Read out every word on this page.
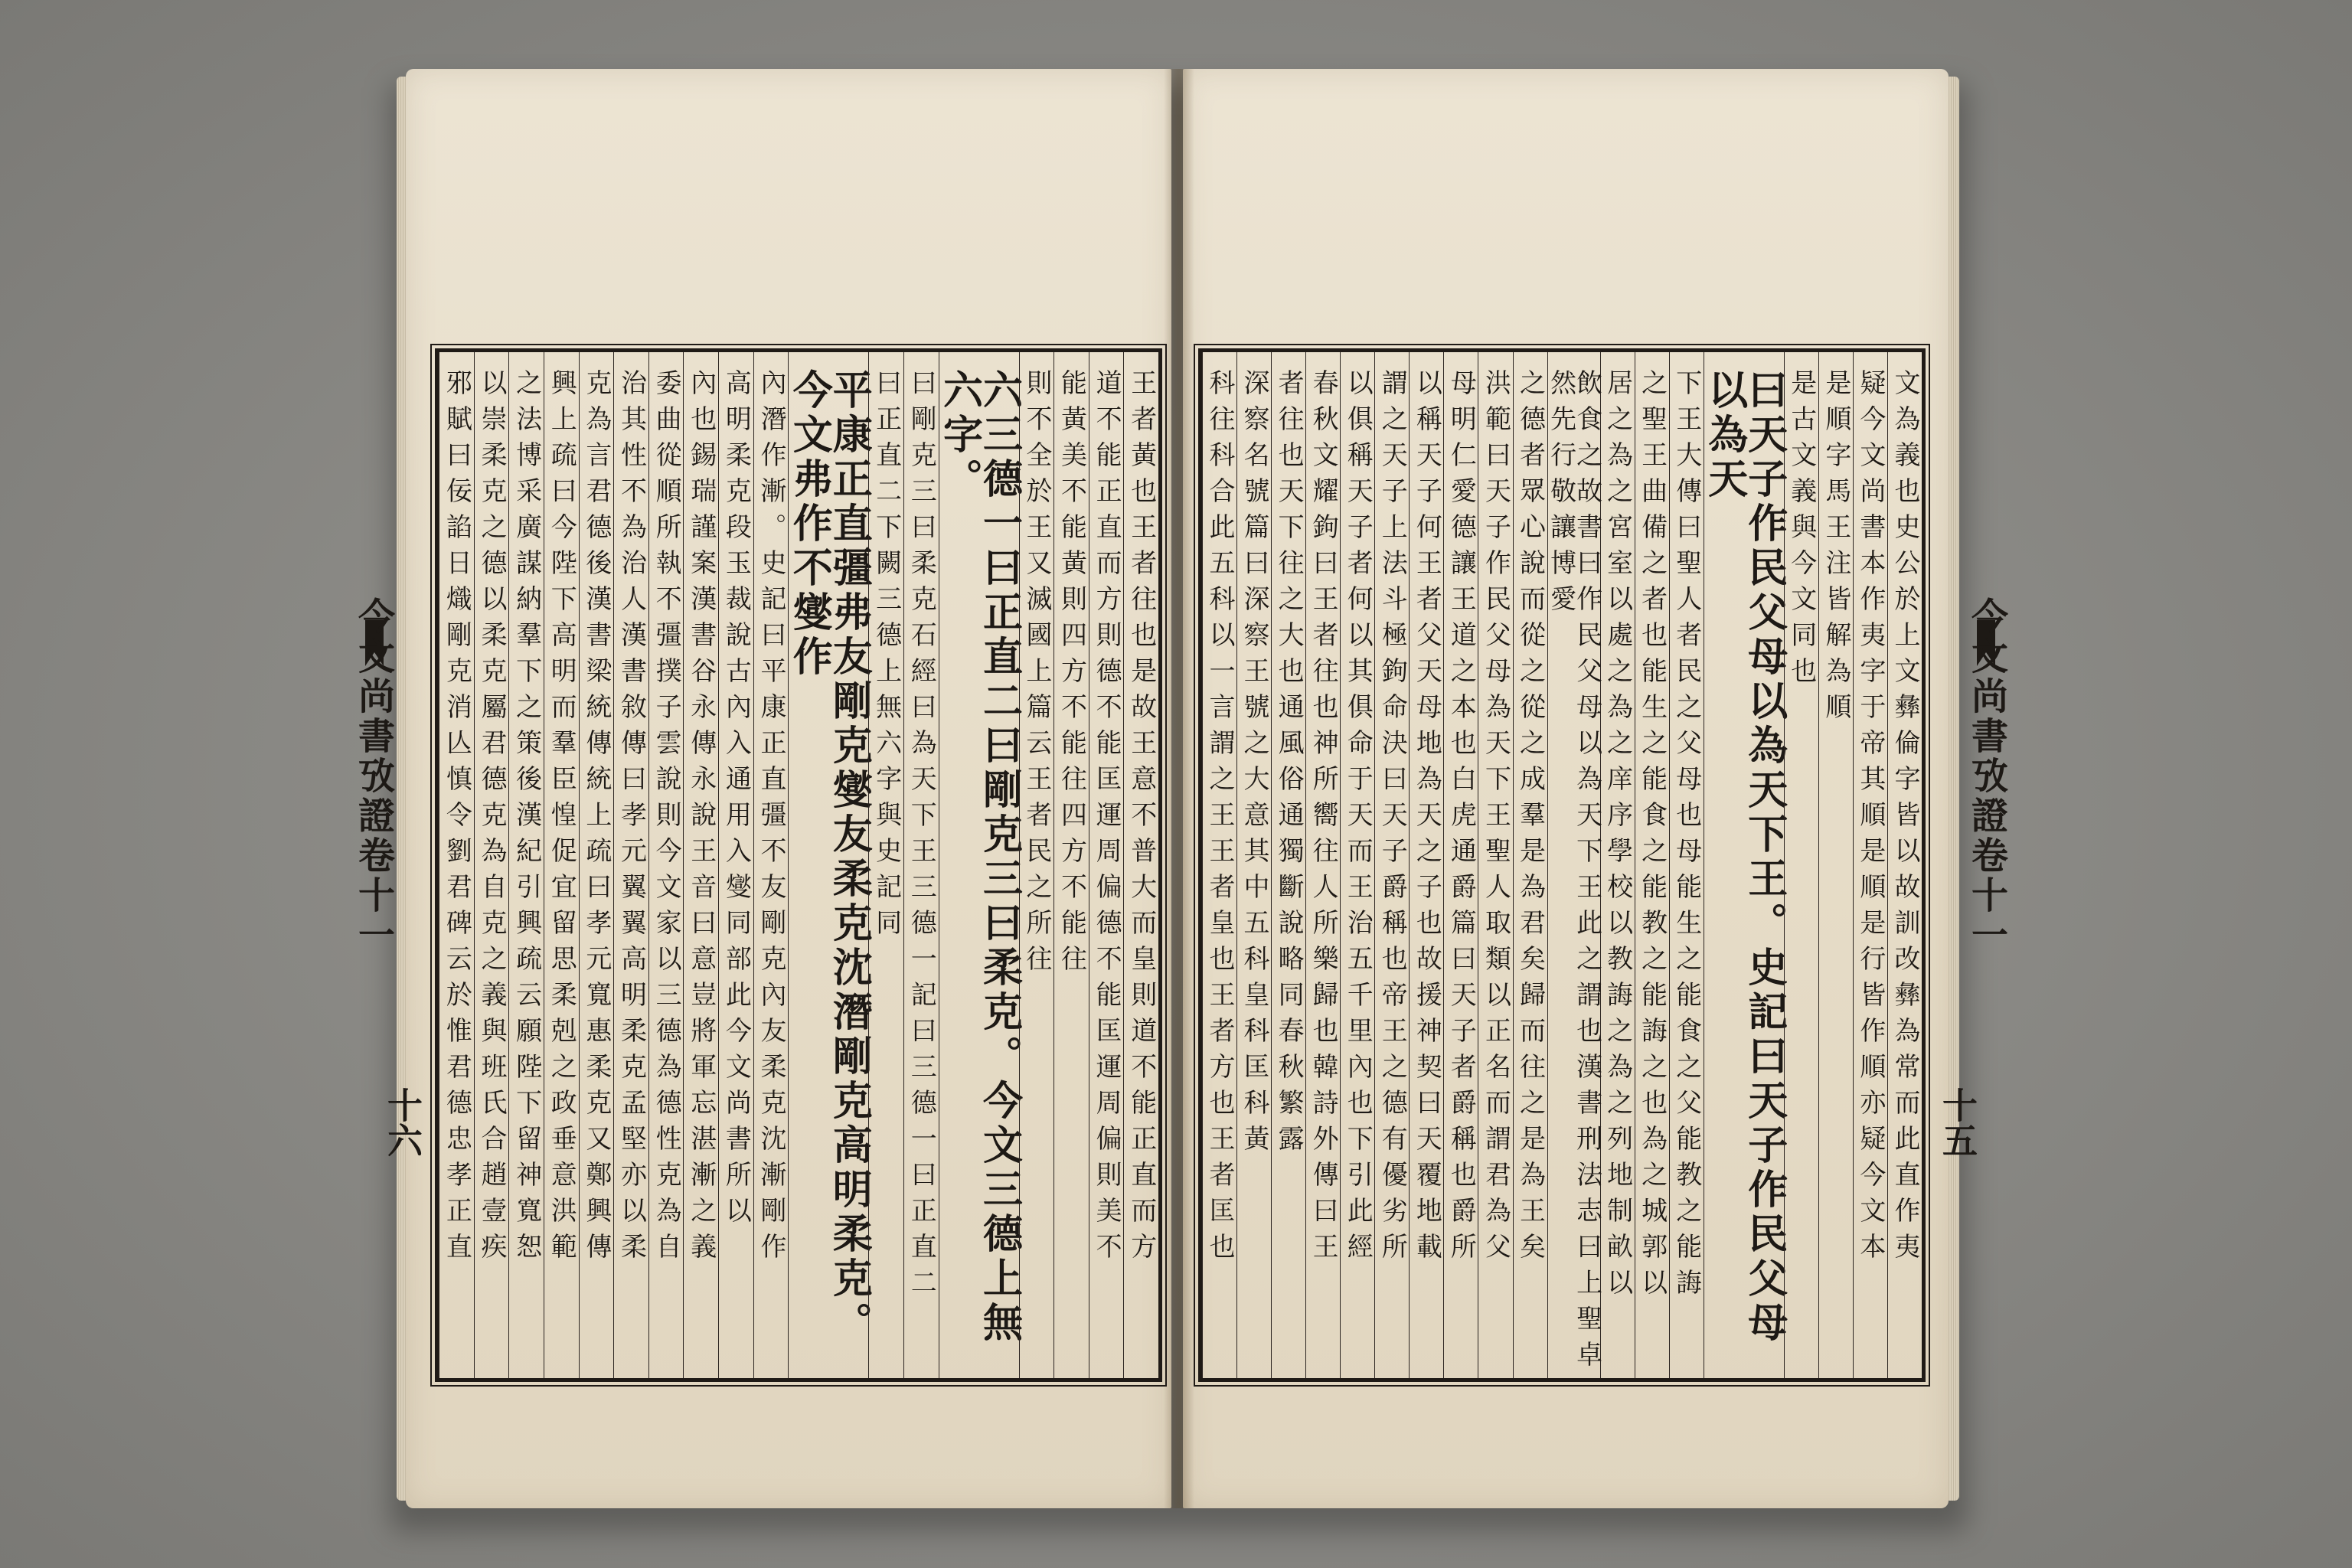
今文尚書攷證卷十一
十六	王者黃也王者往也是故王意不普大而皇則道不能正直而方
道不能正直而方則德不能匡運周偏德不能匡運周偏則美不
能黃美不能黃則四方不能往四方不能往
則不全於王又滅國上篇云王者民之所往
六三德一曰正直二曰剛克三曰柔克。今文三德上無六字。
曰剛克三曰柔克石經曰為天下王三德一記曰三德一曰正直二
曰正直二下闕三德上無六字與史記同
平康正直彊弗友剛克燮友柔克沈潛剛克高明柔克。今文弗作不燮作
內潛作漸。史記曰平康正直彊不友剛克內友柔克沈漸剛作
高明柔克段玉裁說古內入通用入燮同部此今文尚書所以
內也錫瑞謹案漢書谷永傳永說王音曰意豈將軍忘湛漸之義
委曲從順所執不彊撲子雲說則今文家以三德為德性克為自
治其性不為治人漢書敘傳曰孝元翼翼高明柔克孟堅亦以柔
克為言君德後漢書梁統傳統上疏曰孝元寬惠柔克又鄭興傳
興上疏曰今陛下高明而羣臣惶促宜留思柔剋之政垂意洪範
之法博采廣謀納羣下之策後漢紀引興疏云願陛下留神寬恕
以崇柔克之德以柔克屬君德克為自克之義與班氏合趙壹疾
邪賦曰佞諂日熾剛克消亾慎令劉君碑云於惟君德忠孝正直	今文尚書攷證卷十一
十五
文為義也史公於上文彝倫字皆以故訓改彝為常而此直作夷
疑今文尚書本作夷字于帝其順是順是行皆作順亦疑今文本
是順字馬王注皆解為順
是古文義與今文同也
曰天子作民父母以為天下王。史記曰天子作民父母以為天
下王大傳曰聖人者民之父母也母能生之能食之父能教之能誨
之聖王曲備之者也能生之能食之能教之能誨之也為之城郭以
居之為之宮室以處之為之庠序學校以教誨之為之列地制畝以
飲食之故書曰作民父母以為天下王此之謂也漢書刑法志曰上聖卓然先行敬讓博愛
之德者眾心說而從之從之成羣是為君矣歸而往之是為王矣
洪範曰天子作民父母為天下王聖人取類以正名而謂君為父
母明仁愛德讓王道之本也白虎通爵篇曰天子者爵稱也爵所
以稱天子何王者父天母地為天之子也故援神契曰天覆地載
謂之天子上法斗極鉤命決曰天子爵稱也帝王之德有優劣所
以俱稱天子者何以其俱命于天而王治五千里內也下引此經
春秋文耀鉤曰王者往也神所嚮往人所樂歸也韓詩外傳曰王
者往也天下往之大也通風俗通獨斷說略同春秋繁露
深察名號篇曰深察王號之大意其中五科皇科匡科黃
科往科合此五科以一言謂之王王者皇也王者方也王者匡也
